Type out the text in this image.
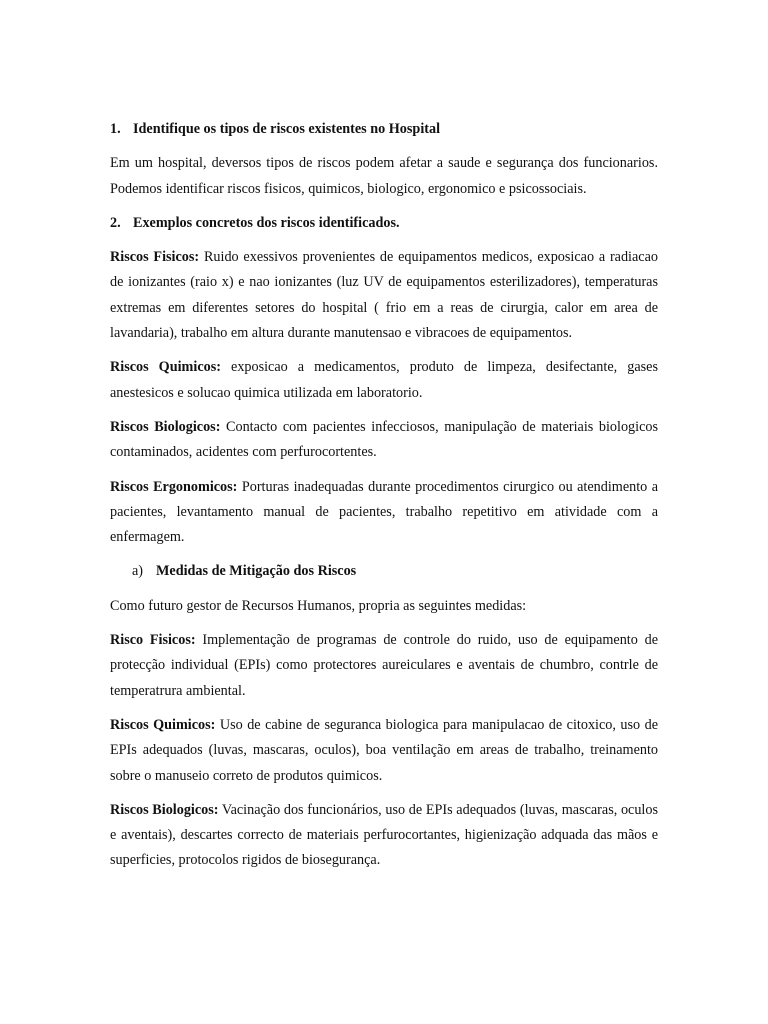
1. Identifique os tipos de riscos existentes no Hospital

Em um hospital, deversos tipos de riscos podem afetar a saude e segurança dos funcionarios. Podemos identificar riscos fisicos, quimicos, biologico, ergonomico e psicossociais.

2. Exemplos concretos dos riscos identificados.

Riscos Fisicos: Ruido exessivos provenientes de equipamentos medicos, exposicao a radiacao de ionizantes (raio x) e nao ionizantes (luz UV de equipamentos esterilizadores), temperaturas extremas em diferentes setores do hospital ( frio em a reas de cirurgia, calor em area de lavandaria), trabalho em altura durante manutensao e vibracoes de equipamentos.

Riscos Quimicos: exposicao a medicamentos, produto de limpeza, desifectante, gases anestesicos e solucao quimica utilizada em laboratorio.

Riscos Biologicos: Contacto com pacientes infecciosos, manipulação de materiais biologicos contaminados, acidentes com perfurocortentes.

Riscos Ergonomicos: Porturas inadequadas durante procedimentos cirurgico ou atendimento a pacientes, levantamento manual de pacientes, trabalho repetitivo em atividade com a enfermagem.

a) Medidas de Mitigação dos Riscos

Como futuro gestor de Recursos Humanos, propria as seguintes medidas:

Risco Fisicos: Implementação de programas de controle do ruido, uso de equipamento de protecção individual (EPIs) como protectores aureiculares e aventais de chumbro, contrle de temperatrura ambiental.

Riscos Quimicos: Uso de cabine de seguranca biologica para manipulacao de citoxico, uso de EPIs adequados (luvas, mascaras, oculos), boa ventilação em areas de trabalho, treinamento sobre o manuseio correto de produtos quimicos.

Riscos Biologicos: Vacinação dos funcionários, uso de EPIs adequados (luvas, mascaras, oculos e aventais), descartes correcto de materiais perfurocortantes, higienização adquada das mãos e superficies, protocolos rigidos de biosegurança.
